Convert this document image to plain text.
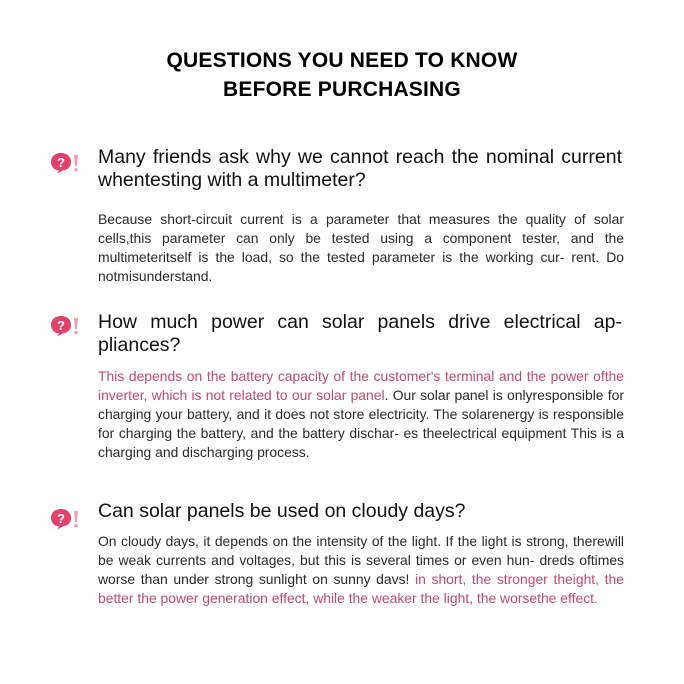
QUESTIONS YOU NEED TO KNOW
BEFORE PURCHASING
? Many friends ask why we cannot reach the nominal current whentesting with a multimeter?
Because short-circuit current is a parameter that measures the quality of solar cells,this parameter can only be tested using a component tester, and the multimeteritself is the load, so the tested parameter is the working cur- rent. Do notmisunderstand.
? How much power can solar panels drive electrical ap- pliances?
This depends on the battery capacity of the customer's terminal and the power ofthe inverter, which is not related to our solar panel. Our solar panel is onlyresponsible for charging your battery, and it does not store electricity. The solarenergy is responsible for charging the battery, and the battery dischar- es theelectrical equipment This is a charging and discharging process.
? Can solar panels be used on cloudy days?
On cloudy days, it depends on the intensity of the light. If the light is strong, therewill be weak currents and voltages, but this is several times or even hun- dreds oftimes worse than under strong sunlight on sunny davs! in short, the stronger theight, the better the power generation effect, while the weaker the light, the worsethe effect.
